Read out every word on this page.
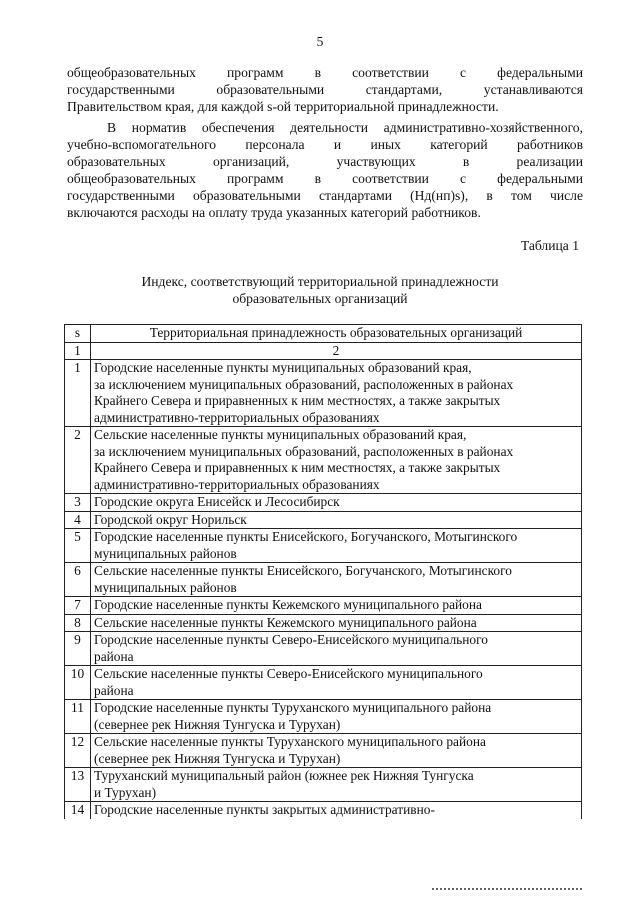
5

общеобразовательных программ в соответствии с федеральными
государственными образовательными стандартами, устанавливаются
Правительством края, для каждой s-ой территориальной принадлежности.

В норматив обеспечения деятельности административно-хозяйственного,
учебно-вспомогательного персонала и иных категорий работников
образовательных организаций, участвующих в реализации
общеобразовательных программ в соответствии с федеральными
государственными образовательными стандартами (Нд(нп)s), в том числе
включаются расходы на оплату труда указанных категорий работников.

Таблица 1
Индекс, соответствующий территориальной принадлежности
образовательных организаций
s	Территориальная принадлежность образовательных организаций
1	2
1	Городские населенные пункты муниципальных образований края,
за исключением муниципальных образований, расположенных в районах
Крайнего Севера и приравненных к ним местностях, а также закрытых
административно-территориальных образованиях

2	Сельские населенные пункты муниципальных образований края,
за исключением муниципальных образований, расположенных в районах
Крайнего Севера и приравненных к ним местностях, а также закрытых
административно-территориальных образованиях

3	Городские округа Енисейск и Лесосибирск

4	Городской округ Норильск

5	Городские населенные пункты Енисейского, Богучанского, Мотыгинского
муниципальных районов

6	Сельские населенные пункты Енисейского, Богучанского, Мотыгинского
муниципальных районов

7	Городские населенные пункты Кежемского муниципального района

8	Сельские населенные пункты Кежемского муниципального района

9	Городские населенные пункты Северо-Енисейского муниципального
района

10	Сельские населенные пункты Северо-Енисейского муниципального
района

11	Городские населенные пункты Туруханского муниципального района
(севернее рек Нижняя Тунгуска и Турухан)

12	Сельские населенные пункты Туруханского муниципального района
(севернее рек Нижняя Тунгуска и Турухан)

13	Туруханский муниципальный район (южнее рек Нижняя Тунгуска
и Турухан)

14	Городские населенные пункты закрытых административно-
